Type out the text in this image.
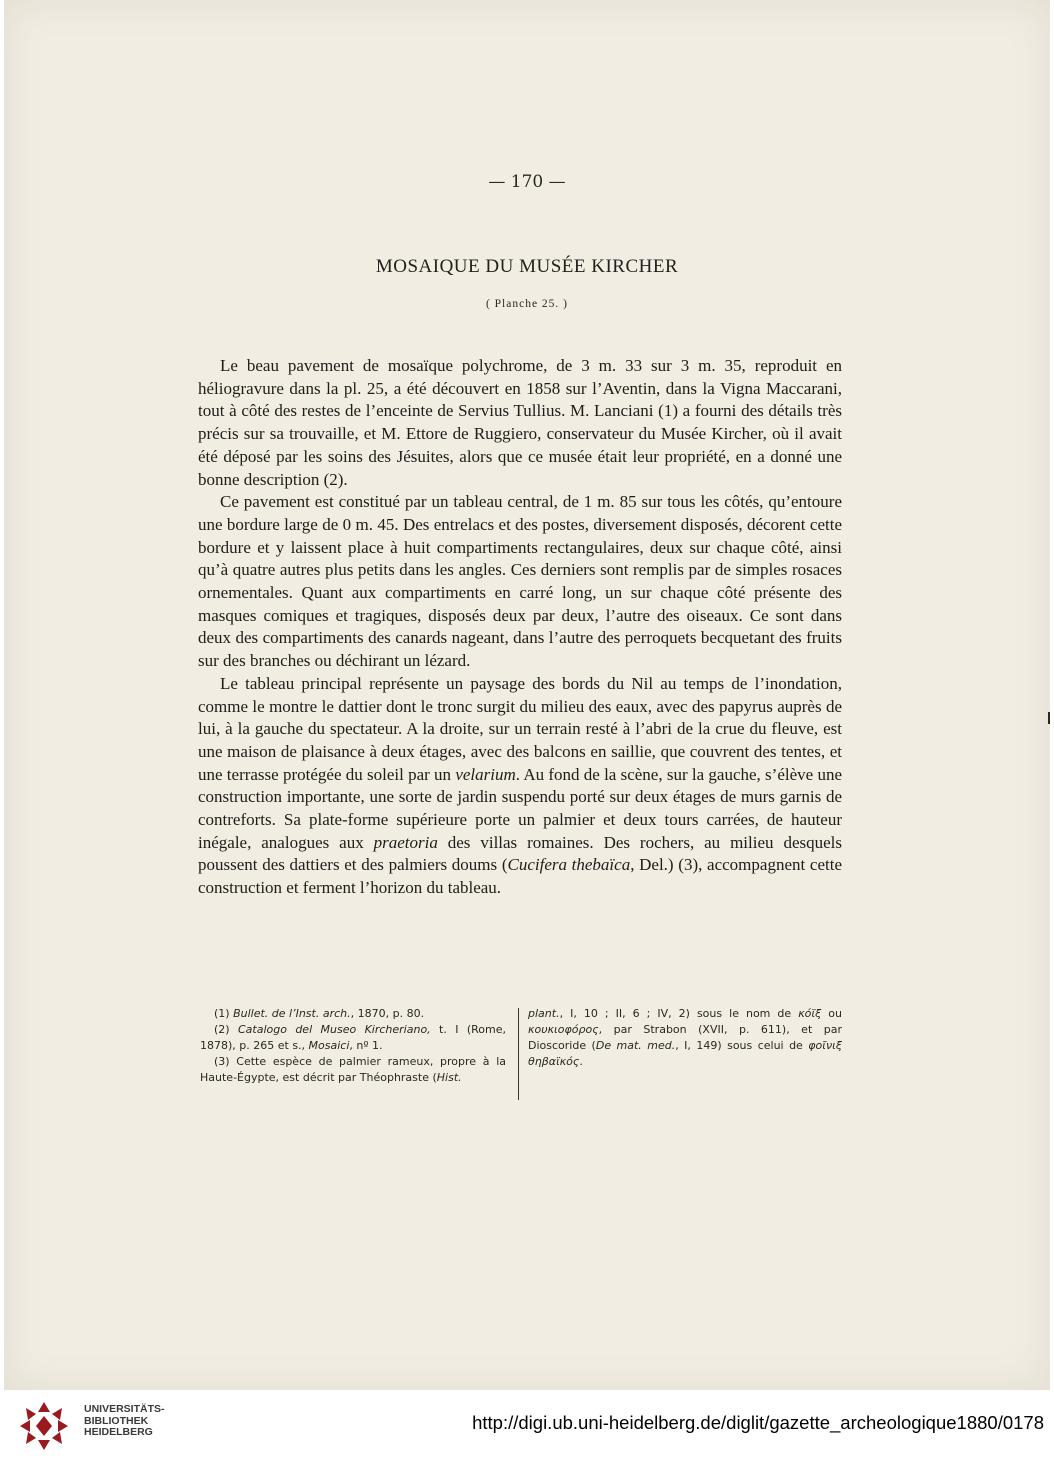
— 170 —
MOSAIQUE DU MUSÉE KIRCHER
( Planche 25. )

Le beau pavement de mosaïque polychrome, de 3 m. 33 sur 3 m. 35, reproduit en héliogravure dans la pl. 25, a été découvert en 1858 sur l’Aventin, dans la Vigna Maccarani, tout à côté des restes de l’enceinte de Servius Tullius. M. Lanciani (1) a fourni des détails très précis sur sa trouvaille, et M. Ettore de Ruggiero, conservateur du Musée Kircher, où il avait été déposé par les soins des Jésuites, alors que ce musée était leur propriété, en a donné une bonne description (2).

Ce pavement est constitué par un tableau central, de 1 m. 85 sur tous les côtés, qu’entoure une bordure large de 0 m. 45. Des entrelacs et des postes, diversement disposés, décorent cette bordure et y laissent place à huit compartiments rectangulaires, deux sur chaque côté, ainsi qu’à quatre autres plus petits dans les angles. Ces derniers sont remplis par de simples rosaces ornementales. Quant aux compartiments en carré long, un sur chaque côté présente des masques comiques et tragiques, disposés deux par deux, l’autre des oiseaux. Ce sont dans deux des compartiments des canards nageant, dans l’autre des perroquets becquetant des fruits sur des branches ou déchirant un lézard.

Le tableau principal représente un paysage des bords du Nil au temps de l’inondation, comme le montre le dattier dont le tronc surgit du milieu des eaux, avec des papyrus auprès de lui, à la gauche du spectateur. A la droite, sur un terrain resté à l’abri de la crue du fleuve, est une maison de plaisance à deux étages, avec des balcons en saillie, que couvrent des tentes, et une terrasse protégée du soleil par un velarium. Au fond de la scène, sur la gauche, s’élève une construction importante, une sorte de jardin suspendu porté sur deux étages de murs garnis de contreforts. Sa plate-forme supérieure porte un palmier et deux tours carrées, de hauteur inégale, analogues aux praetoria des villas romaines. Des rochers, au milieu desquels poussent des dattiers et des palmiers doums (Cucifera thebaïca, Del.) (3), accompagnent cette construction et ferment l’horizon du tableau.

(1) Bullet. de l’Inst. arch., 1870, p. 80.

(2) Catalogo del Museo Kircheriano, t. I (Rome, 1878), p. 265 et s., Mosaici, nº 1.

(3) Cette espèce de palmier rameux, propre à la Haute-Égypte, est décrit par Théophraste (Hist.

plant., I, 10 ; II, 6 ; IV, 2) sous le nom de κόϊξ ou κουκιοφόρος, par Strabon (XVII, p. 611), et par Dioscoride (De mat. med., I, 149) sous celui de φοῖνιξ θηβαϊκός.

UNIVERSITÄTS-
BIBLIOTHEK
HEIDELBERG	http://digi.ub.uni-heidelberg.de/diglit/gazette_archeologique1880/0178
